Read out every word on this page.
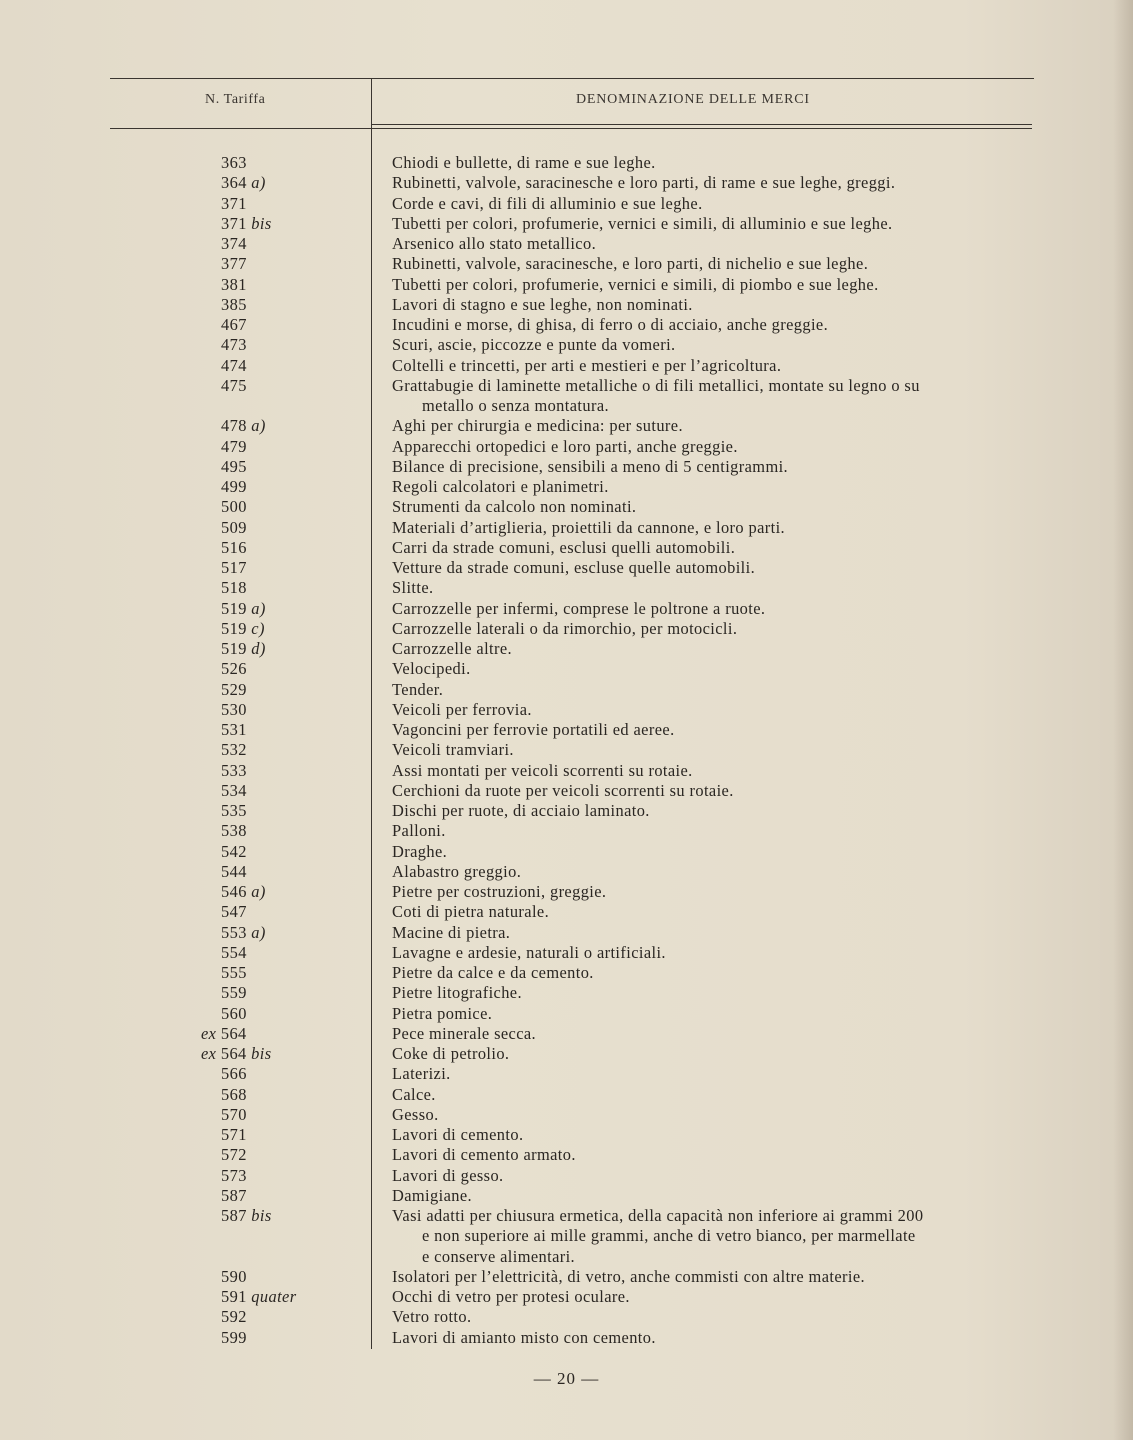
N. Tariffa	DENOMINAZIONE DELLE MERCI
363	Chiodi e bullette, di rame e sue leghe.
364 a)	Rubinetti, valvole, saracinesche e loro parti, di rame e sue leghe, greggi.
371	Corde e cavi, di fili di alluminio e sue leghe.
371 bis	Tubetti per colori, profumerie, vernici e simili, di alluminio e sue leghe.
374	Arsenico allo stato metallico.
377	Rubinetti, valvole, saracinesche, e loro parti, di nichelio e sue leghe.
381	Tubetti per colori, profumerie, vernici e simili, di piombo e sue leghe.
385	Lavori di stagno e sue leghe, non nominati.
467	Incudini e morse, di ghisa, di ferro o di acciaio, anche greggie.
473	Scuri, ascie, piccozze e punte da vomeri.
474	Coltelli e trincetti, per arti e mestieri e per l’agricoltura.
475	Grattabugie di laminette metalliche o di fili metallici, montate su legno o su
metallo o senza montatura.
478 a)	Aghi per chirurgia e medicina: per suture.
479	Apparecchi ortopedici e loro parti, anche greggie.
495	Bilance di precisione, sensibili a meno di 5 centigrammi.
499	Regoli calcolatori e planimetri.
500	Strumenti da calcolo non nominati.
509	Materiali d’artiglieria, proiettili da cannone, e loro parti.
516	Carri da strade comuni, esclusi quelli automobili.
517	Vetture da strade comuni, escluse quelle automobili.
518	Slitte.
519 a)	Carrozzelle per infermi, comprese le poltrone a ruote.
519 c)	Carrozzelle laterali o da rimorchio, per motocicli.
519 d)	Carrozzelle altre.
526	Velocipedi.
529	Tender.
530	Veicoli per ferrovia.
531	Vagoncini per ferrovie portatili ed aeree.
532	Veicoli tramviari.
533	Assi montati per veicoli scorrenti su rotaie.
534	Cerchioni da ruote per veicoli scorrenti su rotaie.
535	Dischi per ruote, di acciaio laminato.
538	Palloni.
542	Draghe.
544	Alabastro greggio.
546 a)	Pietre per costruzioni, greggie.
547	Coti di pietra naturale.
553 a)	Macine di pietra.
554	Lavagne e ardesie, naturali o artificiali.
555	Pietre da calce e da cemento.
559	Pietre litografiche.
560	Pietra pomice.
ex 564	Pece minerale secca.
ex 564 bis	Coke di petrolio.
566	Laterizi.
568	Calce.
570	Gesso.
571	Lavori di cemento.
572	Lavori di cemento armato.
573	Lavori di gesso.
587	Damigiane.
587 bis	Vasi adatti per chiusura ermetica, della capacità non inferiore ai grammi 200
e non superiore ai mille grammi, anche di vetro bianco, per marmellate
e conserve alimentari.
590	Isolatori per l’elettricità, di vetro, anche commisti con altre materie.
591 quater	Occhi di vetro per protesi oculare.
592	Vetro rotto.
599	Lavori di amianto misto con cemento.
— 20 —
